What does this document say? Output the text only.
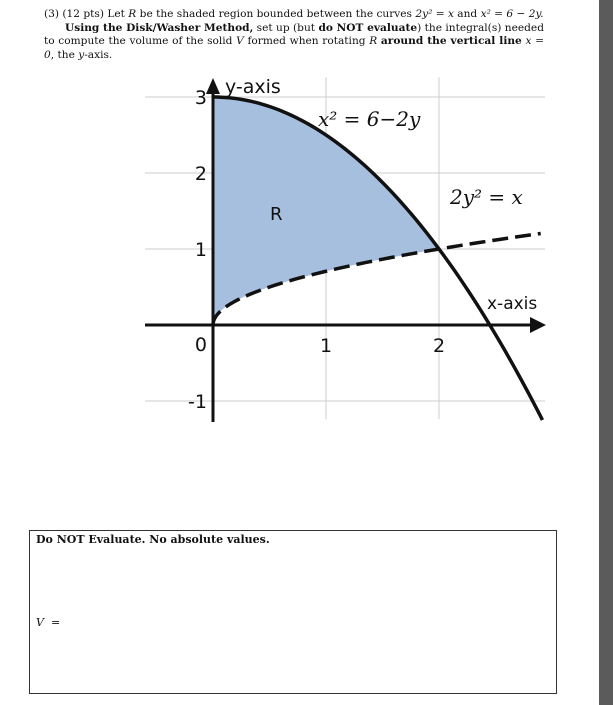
(3) (12 pts) Let R be the shaded region bounded between the curves 2y² = x and x² = 6 − 2y.
Using the Disk/Washer Method, set up (but do NOT evaluate) the integral(s) needed to compute the volume of the solid V formed when rotating R around the vertical line x = 0, the y-axis.
3
2
1
0
-1
1	2
y-axis
x-axis
x² = 6−2y
2y² = x
R
Do NOT Evaluate. No absolute values.
V =
